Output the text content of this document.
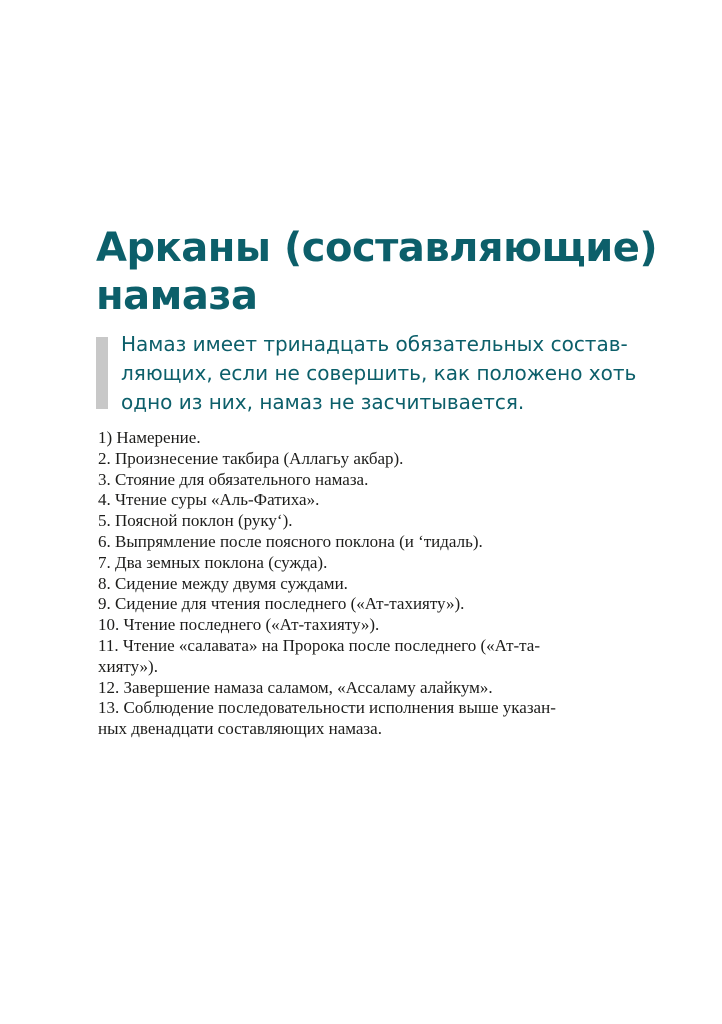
Арканы (составляющие)
намаза

Намаз имеет тринадцать обязательных состав-
ляющих, если не совершить, как положено хоть
одно из них, намаз не засчитывается.

1) Намерение.
2. Произнесение такбира (Аллагьу акбар).
3. Стояние для обязательного намаза.
4. Чтение суры «Аль-Фатиха».
5. Поясной поклон (руку‘).
6. Выпрямление после поясного поклона (и ‘тидаль).
7. Два земных поклона (сужда).
8. Сидение между двумя суждами.
9. Сидение для чтения последнего («Ат-тахияту»).
10. Чтение последнего («Ат-тахияту»).
11. Чтение «салавата» на Пророка после последнего («Ат-та-
хияту»).
12. Завершение намаза саламом, «Ассаламу алайкум».
13. Соблюдение последовательности исполнения выше указан-
ных двенадцати составляющих намаза.
